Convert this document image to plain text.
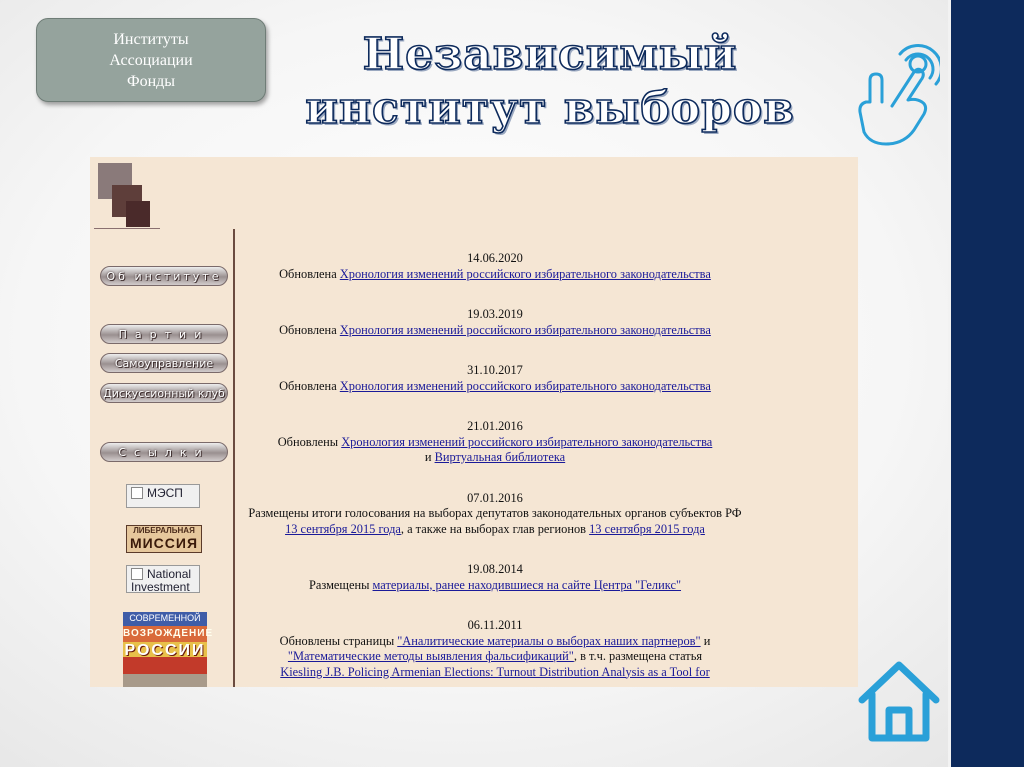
Институты
Ассоциации
Фонды
Независимый
институт выборов
Об институте
Партии
Самоуправление
Дискуссионный клуб
Ссылки
МЭСП
ЛИБЕРАЛЬНАЯ
МИССИЯ
National
Investment
СОВРЕМЕННОЙ
ВОЗРОЖДЕНИЕ
РОССИИ
14.06.2020
Обновлена Хронология изменений российского избирательного законодательства
19.03.2019
Обновлена Хронология изменений российского избирательного законодательства
31.10.2017
Обновлена Хронология изменений российского избирательного законодательства
21.01.2016
Обновлены Хронология изменений российского избирательного законодательства
и Виртуальная библиотека
07.01.2016
Размещены итоги голосования на выборах депутатов законодательных органов субъектов РФ 13 сентября 2015 года, а также на выборах глав регионов 13 сентября 2015 года
19.08.2014
Размещены материалы, ранее находившиеся на сайте Центра "Геликс"
06.11.2011
Обновлены страницы "Аналитические материалы о выборах наших партнеров" и
"Математические методы выявления фальсификаций", в т.ч. размещена статья
Kiesling J.B. Policing Armenian Elections: Turnout Distribution Analysis as a Tool for
